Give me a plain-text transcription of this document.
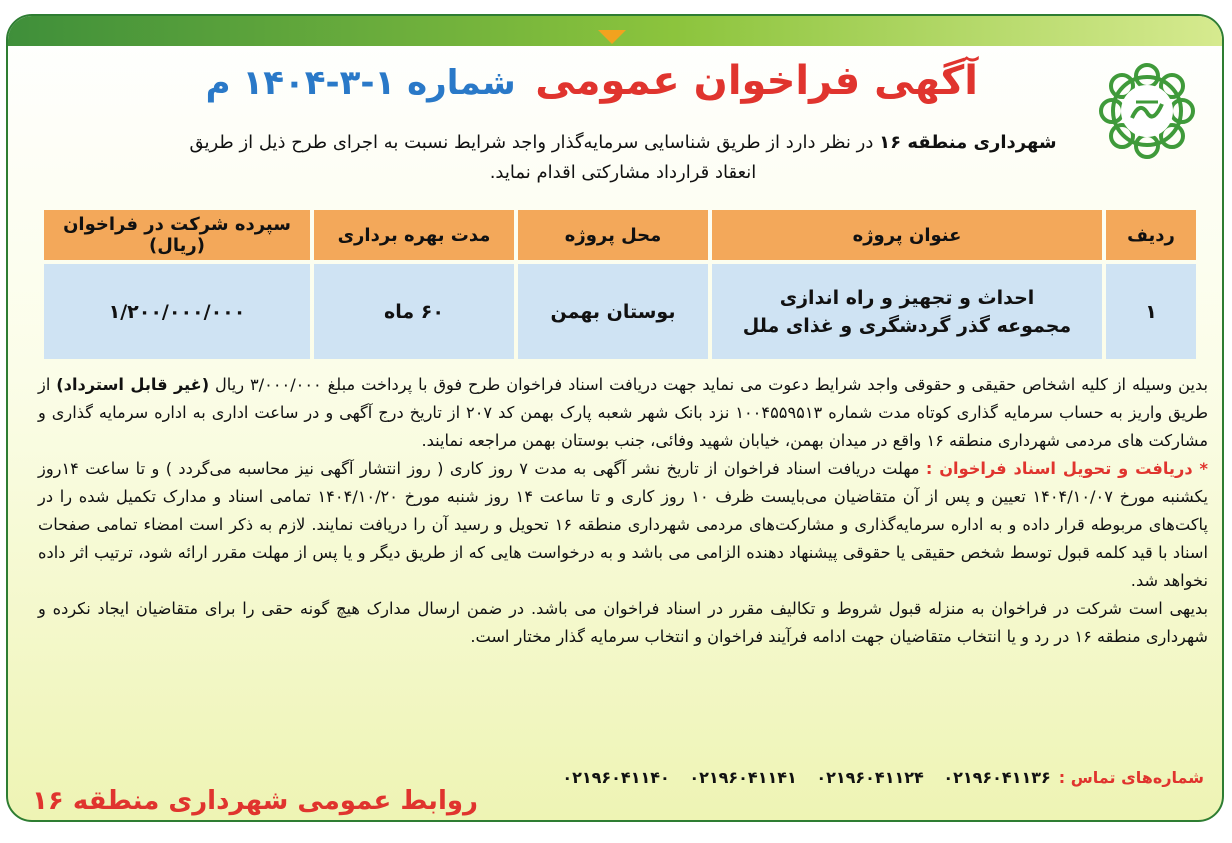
آگهی فراخوان عمومی شماره ۱-۳-۱۴۰۴ م
شهرداری منطقه ۱۶ در نظر دارد از طریق شناسایی سرمایه‌گذار واجد شرایط نسبت به اجرای طرح ذیل از طریق انعقاد قرارداد مشارکتی اقدام نماید.
ردیف	عنوان پروژه	محل پروژه	مدت بهره برداری	سپرده شرکت در فراخوان (ریال)
۱	احداث و تجهیز و راه اندازی
مجموعه گذر گردشگری و غذای ملل	بوستان بهمن	۶۰ ماه	۱/۲۰۰/۰۰۰/۰۰۰

بدین وسیله از کلیه اشخاص حقیقی و حقوقی واجد شرایط دعوت می نماید جهت دریافت اسناد فراخوان طرح فوق با پرداخت مبلغ ۳/۰۰۰/۰۰۰ ریال (غیر قابل استرداد) از طریق واریز به حساب سرمایه گذاری کوتاه مدت شماره ۱۰۰۴۵۵۹۵۱۳ نزد بانک شهر شعبه پارک بهمن کد ۲۰۷ از تاریخ درج آگهی و در ساعت اداری به اداره سرمایه گذاری و مشارکت های مردمی شهرداری منطقه ۱۶ واقع در میدان بهمن، خیابان شهید وفائی، جنب بوستان بهمن مراجعه نمایند.

* دریافت و تحویل اسناد فراخوان : مهلت دریافت اسناد فراخوان از تاریخ نشر آگهی به مدت ۷ روز کاری ( روز انتشار آگهی نیز محاسبه می‌گردد ) و تا ساعت ۱۴روز یکشنبه مورخ ۱۴۰۴/۱۰/۰۷ تعیین و پس از آن متقاضیان می‌بایست ظرف ۱۰ روز کاری و تا ساعت ۱۴ روز شنبه مورخ ۱۴۰۴/۱۰/۲۰ تمامی اسناد و مدارک تکمیل شده را در پاکت‌های مربوطه قرار داده و به اداره سرمایه‌گذاری و مشارکت‌های مردمی شهرداری منطقه ۱۶ تحویل و رسید آن را دریافت نمایند. لازم به ذکر است امضاء تمامی صفحات اسناد با قید کلمه قبول توسط شخص حقیقی یا حقوقی پیشنهاد دهنده الزامی می باشد و به درخواست هایی که از طریق دیگر و یا پس از مهلت مقرر ارائه شود، ترتیب اثر داده نخواهد شد.

بدیهی است شرکت در فراخوان به منزله قبول شروط و تکالیف مقرر در اسناد فراخوان می باشد. در ضمن ارسال مدارک هیچ گونه حقی را برای متقاضیان ایجاد نکرده و شهرداری منطقه ۱۶ در رد و یا انتخاب متقاضیان جهت ادامه فرآیند فراخوان و انتخاب سرمایه گذار مختار است.

شماره‌های تماس :۰۲۱۹۶۰۴۱۱۳۶ ۰۲۱۹۶۰۴۱۱۲۴ ۰۲۱۹۶۰۴۱۱۴۱ ۰۲۱۹۶۰۴۱۱۴۰
روابط عمومی شهرداری منطقه ۱۶
